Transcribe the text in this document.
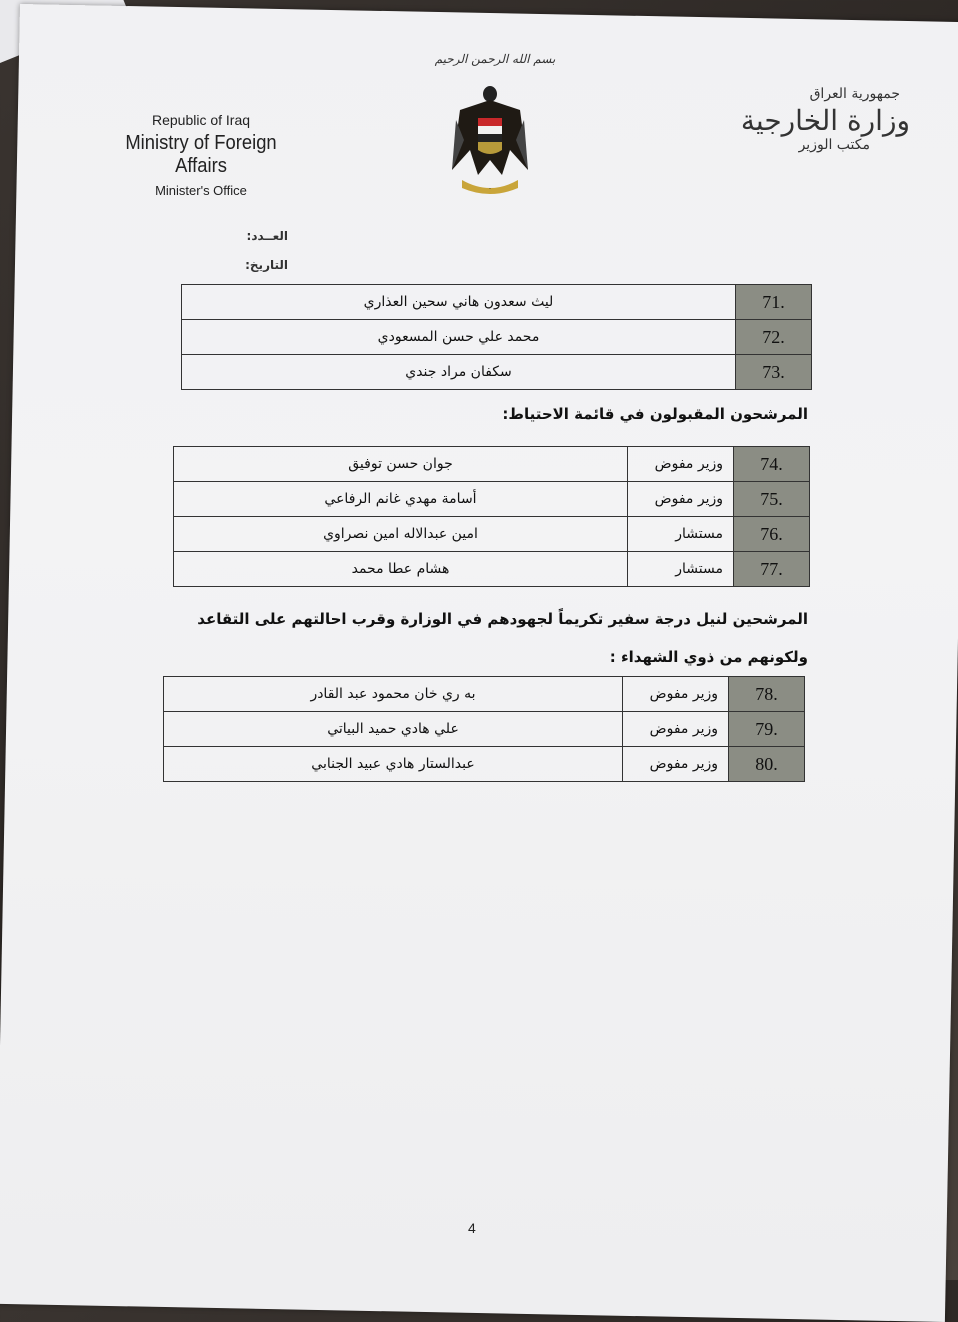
Republic of Iraq
Ministry of Foreign Affairs
Minister's Office
بسم الله الرحمن الرحيم
ـ
جمهورية العراق
وزارة الخارجية
مكتب الوزير
العــدد:
التاريخ:
.71	ليث سعدون هاني سحين العذاري
.72	محمد علي حسن المسعودي
.73	سكفان مراد جندي
المرشحون المقبولون في قائمة الاحتياط:
.74	وزير مفوض	جوان حسن توفيق
.75	وزير مفوض	أسامة مهدي غانم الرفاعي
.76	مستشار	امين عبدالاله امين نصراوي
.77	مستشار	هشام عطا محمد
المرشحين لنيل درجة سفير تكريماً لجهودهم في الوزارة وقرب احالتهم على التقاعد ولكونهم من ذوي الشهداء :
.78	وزير مفوض	به ري خان محمود عبد القادر
.79	وزير مفوض	علي هادي حميد البياتي
.80	وزير مفوض	عبدالستار هادي عبيد الجنابي
4
